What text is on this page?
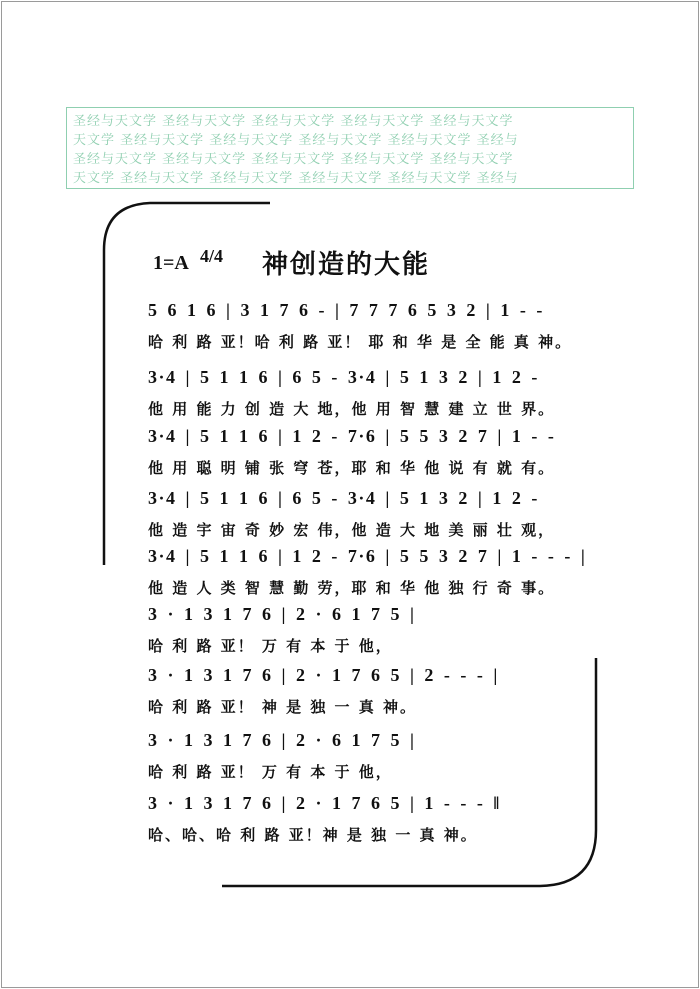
圣经与天文学 圣经与天文学 圣经与天文学 圣经与天文学 圣经与天文学
天文学 圣经与天文学 圣经与天文学 圣经与天文学 圣经与天文学 圣经与
圣经与天文学 圣经与天文学 圣经与天文学 圣经与天文学 圣经与天文学
天文学 圣经与天文学 圣经与天文学 圣经与天文学 圣经与天文学 圣经与
1=A 4/4 神创造的大能
5 6 1 6 | 3 1 7 6 - | 7 7 7 6 5 3 2 | 1 - -
哈 利 路 亚！哈 利 路 亚！ 耶 和 华 是 全 能 真 神。
3·4 | 5 1 1 6 | 6 5 - 3·4 | 5 1 3 2 | 1 2 -
他 用 能 力 创 造 大 地，他 用 智 慧 建 立 世 界。
3·4 | 5 1 1 6 | 1 2 - 7·6 | 5 5 3 2 7 | 1 - -
他 用 聪 明 铺 张 穹 苍，耶 和 华 他 说 有 就 有。
3·4 | 5 1 1 6 | 6 5 - 3·4 | 5 1 3 2 | 1 2 -
他 造 宇 宙 奇 妙 宏 伟，他 造 大 地 美 丽 壮 观，
3·4 | 5 1 1 6 | 1 2 - 7·6 | 5 5 3 2 7 | 1 - - - |
他 造 人 类 智 慧 勤 劳，耶 和 华 他 独 行 奇 事。
3 · 1 3 1 7 6 | 2 · 6 1 7 5 |
哈 利 路 亚！ 万 有 本 于 他，
3 · 1 3 1 7 6 | 2 · 1 7 6 5 | 2 - - - |
哈 利 路 亚！ 神 是 独 一 真 神。
3 · 1 3 1 7 6 | 2 · 6 1 7 5 |
哈 利 路 亚！ 万 有 本 于 他，
3 · 1 3 1 7 6 | 2 · 1 7 6 5 | 1 - - - ‖
哈、哈、哈 利 路 亚！神 是 独 一 真 神。
